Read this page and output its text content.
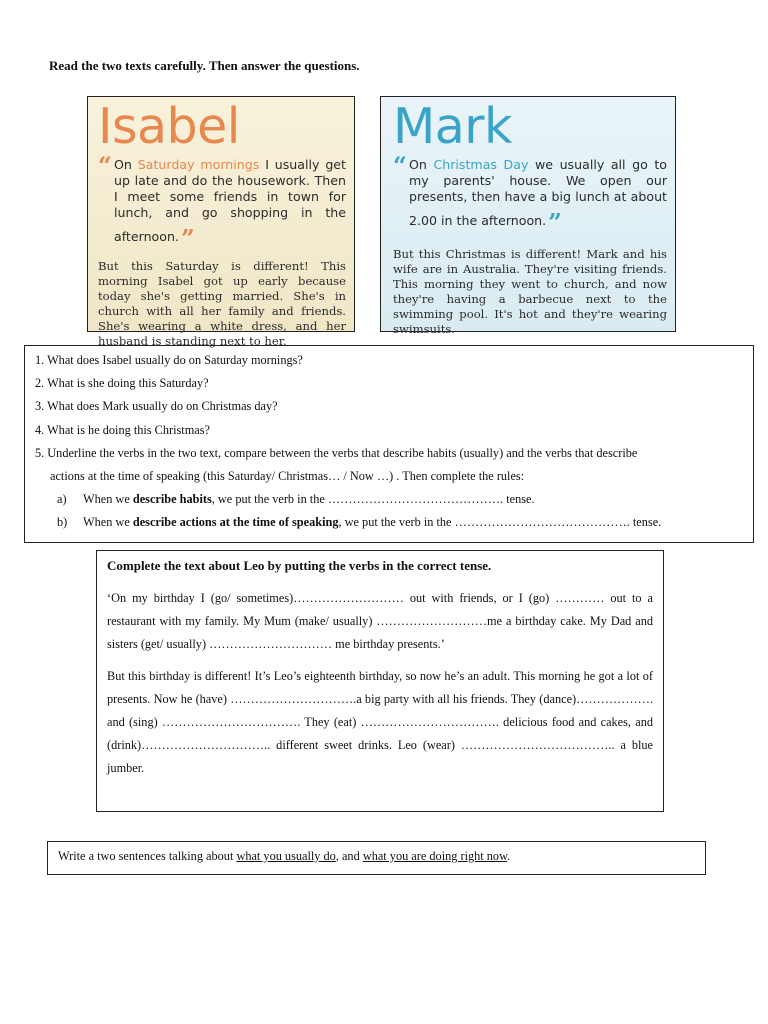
Read the two texts carefully. Then answer the questions.
Isabel
“ On Saturday mornings I usually get up late and do the housework. Then I meet some friends in town for lunch, and go shopping in the afternoon.”
But this Saturday is different! This morning Isabel got up early because today she's getting married. She's in church with all her family and friends. She's wearing a white dress, and her husband is standing next to her.
Mark
“ On Christmas Day we usually all go to my parents' house. We open our presents, then have a big lunch at about 2.00 in the afternoon.”
But this Christmas is different! Mark and his wife are in Australia. They're visiting friends. This morning they went to church, and now they're having a barbecue next to the swimming pool. It's hot and they're wearing swimsuits.
1. What does Isabel usually do on Saturday mornings?
2. What is she doing this Saturday?
3. What does Mark usually do on Christmas day?
4. What is he doing this Christmas?
5. Underline the verbs in the two text, compare between the verbs that describe habits (usually) and the verbs that describe
actions at the time of speaking (this Saturday/ Christmas… / Now …) . Then complete the rules:
a) When we describe habits, we put the verb in the ……………………………………. tense.
b) When we describe actions at the time of speaking, we put the verb in the ……………………………………. tense.
Complete the text about Leo by putting the verbs in the correct tense.

‘On my birthday I (go/ sometimes)……………………… out with friends, or I (go) ………… out to a restaurant with my family. My Mum (make/ usually) ………………………me a birthday cake. My Dad and sisters (get/ usually) ………………………… me birthday presents.’

But this birthday is different! It’s Leo’s eighteenth birthday, so now he’s an adult. This morning he got a lot of presents. Now he (have) ………………………….a big party with all his friends. They (dance)………………. and (sing) ……………………………. They (eat) ……………………………. delicious food and cakes, and (drink)………………………….. different sweet drinks. Leo (wear) ……………………………….. a blue jumber.

Write a two sentences talking about what you usually do, and what you are doing right now.
